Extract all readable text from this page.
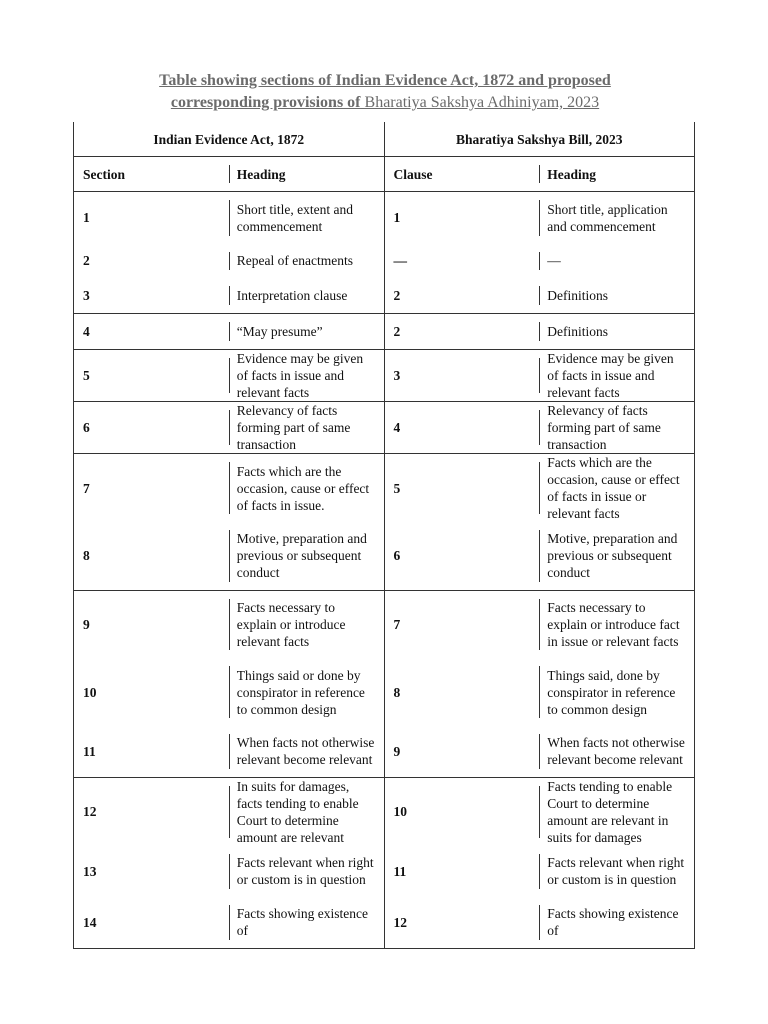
Table showing sections of Indian Evidence Act, 1872 and proposed
corresponding provisions of Bharatiya Sakshya Adhiniyam, 2023
Indian Evidence Act, 1872		Bharatiya Sakshya Bill, 2023	
Section	Heading	Clause	Heading
1	Short title, extent and commencement	1	Short title, application and commencement
2	Repeal of enactments	—	—
3	Interpretation clause	2	Definitions
4	“May presume”	2	Definitions
5	Evidence may be given of facts in issue and relevant facts	3	Evidence may be given of facts in issue and relevant facts
6	Relevancy of facts forming part of same transaction	4	Relevancy of facts forming part of same transaction
7	Facts which are the occasion, cause or effect of facts in issue.	5	Facts which are the occasion, cause or effect of facts in issue or relevant facts
8	Motive, preparation and previous or subsequent conduct	6	Motive, preparation and previous or subsequent conduct
9	Facts necessary to explain or introduce relevant facts	7	Facts necessary to explain or introduce fact in issue or relevant facts
10	Things said or done by conspirator in reference to common design	8	Things said, done by conspirator in reference to common design
11	When facts not otherwise relevant become relevant	9	When facts not otherwise relevant become relevant
12	In suits for damages, facts tending to enable Court to determine amount are relevant	10	Facts tending to enable Court to determine amount are relevant in suits for damages
13	Facts relevant when right or custom is in question	11	Facts relevant when right or custom is in question
14	Facts showing existence of	12	Facts showing existence of
